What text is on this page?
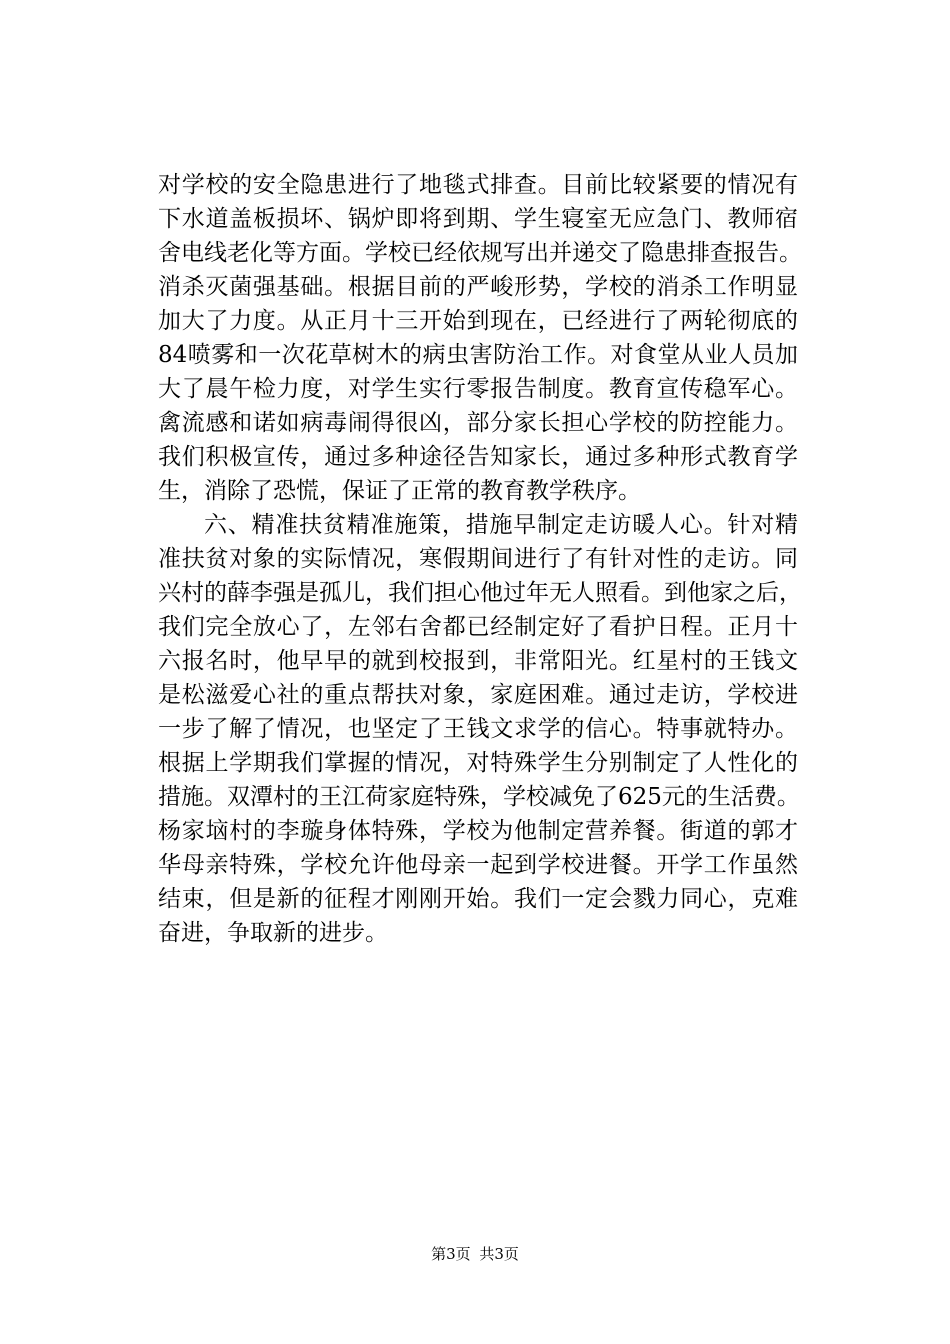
对学校的安全隐患进行了地毯式排查。目前比较紧要的情况有
下水道盖板损坏、锅炉即将到期、学生寝室无应急门、教师宿
舍电线老化等方面。学校已经依规写出并递交了隐患排查报告。
消杀灭菌强基础。根据目前的严峻形势，学校的消杀工作明显
加大了力度。从正月十三开始到现在，已经进行了两轮彻底的
84喷雾和一次花草树木的病虫害防治工作。对食堂从业人员加
大了晨午检力度，对学生实行零报告制度。教育宣传稳军心。
禽流感和诺如病毒闹得很凶，部分家长担心学校的防控能力。
我们积极宣传，通过多种途径告知家长，通过多种形式教育学
生，消除了恐慌，保证了正常的教育教学秩序。
六、精准扶贫精准施策，措施早制定走访暖人心。针对精
准扶贫对象的实际情况，寒假期间进行了有针对性的走访。同
兴村的薛李强是孤儿，我们担心他过年无人照看。到他家之后，
我们完全放心了，左邻右舍都已经制定好了看护日程。正月十
六报名时，他早早的就到校报到，非常阳光。红星村的王钱文
是松滋爱心社的重点帮扶对象，家庭困难。通过走访，学校进
一步了解了情况，也坚定了王钱文求学的信心。特事就特办。
根据上学期我们掌握的情况，对特殊学生分别制定了人性化的
措施。双潭村的王江荷家庭特殊，学校减免了625元的生活费。
杨家垴村的李璇身体特殊，学校为他制定营养餐。街道的郭才
华母亲特殊，学校允许他母亲一起到学校进餐。开学工作虽然
结束，但是新的征程才刚刚开始。我们一定会戮力同心，克难
奋进，争取新的进步。
第3页 共3页
